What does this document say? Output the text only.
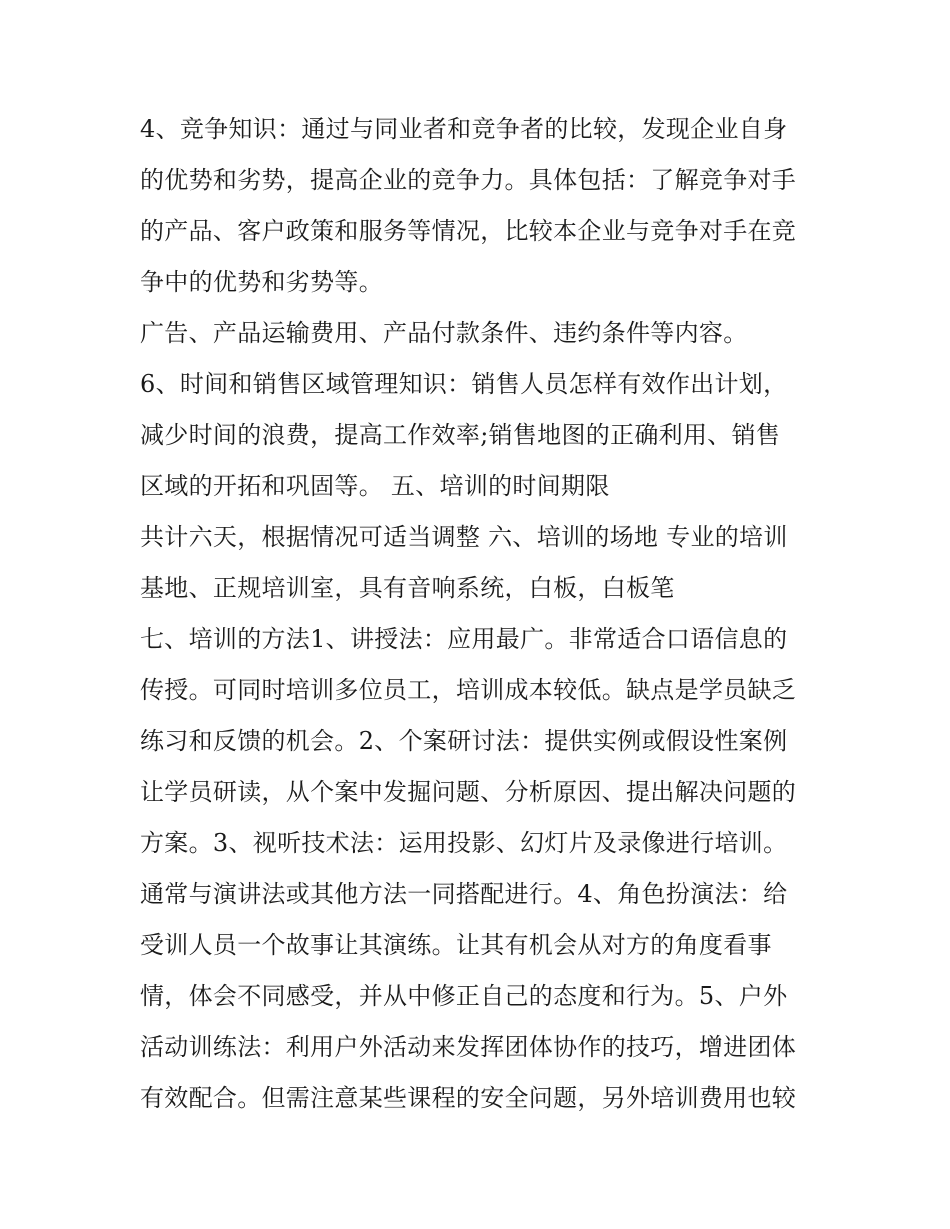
4、竞争知识：通过与同业者和竞争者的比较，发现企业自身
的优势和劣势，提高企业的竞争力。具体包括：了解竞争对手
的产品、客户政策和服务等情况，比较本企业与竞争对手在竞
争中的优势和劣势等。
广告、产品运输费用、产品付款条件、违约条件等内容。
6、时间和销售区域管理知识：销售人员怎样有效作出计划，
减少时间的浪费，提高工作效率;销售地图的正确利用、销售
区域的开拓和巩固等。 五、培训的时间期限
共计六天，根据情况可适当调整 六、培训的场地 专业的培训
基地、正规培训室，具有音响系统，白板，白板笔
七、培训的方法1、讲授法：应用最广。非常适合口语信息的
传授。可同时培训多位员工，培训成本较低。缺点是学员缺乏
练习和反馈的机会。2、个案研讨法：提供实例或假设性案例
让学员研读，从个案中发掘问题、分析原因、提出解决问题的
方案。3、视听技术法：运用投影、幻灯片及录像进行培训。
通常与演讲法或其他方法一同搭配进行。4、角色扮演法：给
受训人员一个故事让其演练。让其有机会从对方的角度看事
情，体会不同感受，并从中修正自己的态度和行为。5、户外
活动训练法：利用户外活动来发挥团体协作的技巧，增进团体
有效配合。但需注意某些课程的安全问题，另外培训费用也较
